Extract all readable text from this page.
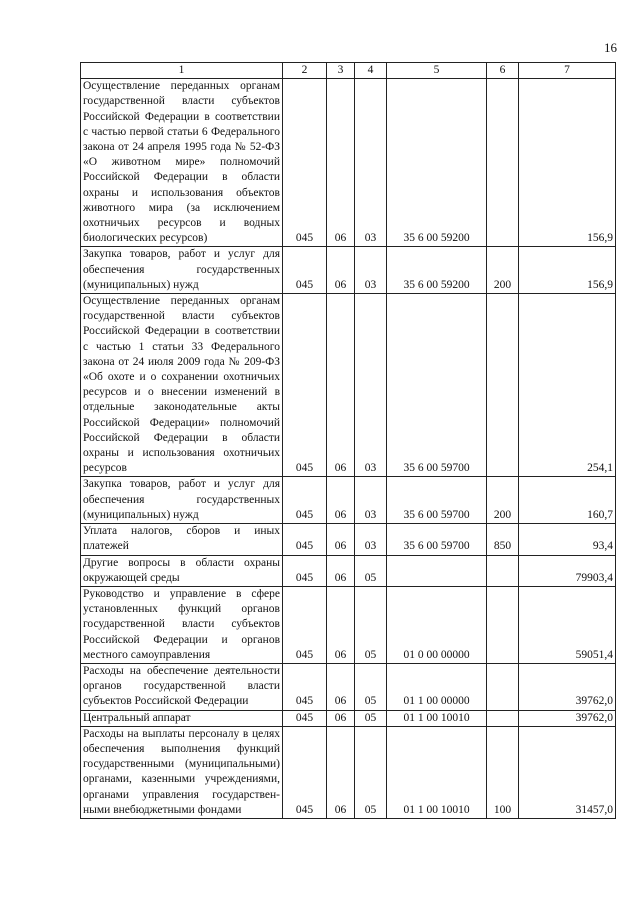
16
1	2	3	4	5	6	7
Осуществление переданных органам государственной власти субъектов Российской Федерации в соответствии с частью первой статьи 6 Федерального закона от 24 апреля 1995 года № 52-ФЗ «О животном мире» полномочий Российской Федерации в области охраны и использования объектов животного мира (за исключением охотничьих ресурсов и водных биологических ресурсов)	045	06	03	35 6 00 59200		156,9
Закупка товаров, работ и услуг для обеспечения государственных (муниципальных) нужд	045	06	03	35 6 00 59200	200	156,9
Осуществление переданных органам государственной власти субъектов Российской Федерации в соответствии с частью 1 статьи 33 Федерального закона от 24 июля 2009 года № 209-ФЗ «Об охоте и о сохранении охотничьих ресурсов и о внесении изменений в отдельные законодательные акты Российской Федерации» полномочий Российской Федерации в области охраны и использования охотничьих ресурсов	045	06	03	35 6 00 59700		254,1
Закупка товаров, работ и услуг для обеспечения государственных (муниципальных) нужд	045	06	03	35 6 00 59700	200	160,7
Уплата налогов, сборов и иных платежей	045	06	03	35 6 00 59700	850	93,4
Другие вопросы в области охраны окружающей среды	045	06	05			79903,4
Руководство и управление в сфере установленных функций органов государственной власти субъектов Российской Федерации и органов местного самоуправления	045	06	05	01 0 00 00000		59051,4
Расходы на обеспечение деятельности органов государственной власти субъектов Российской Федерации	045	06	05	01 1 00 00000		39762,0
Центральный аппарат	045	06	05	01 1 00 10010		39762,0
Расходы на выплаты персоналу в целях обеспечения выполнения функций государственными (муниципальными) органами, казенными учреждениями, органами управления государственными внебюджетными фондами	045	06	05	01 1 00 10010	100	31457,0
